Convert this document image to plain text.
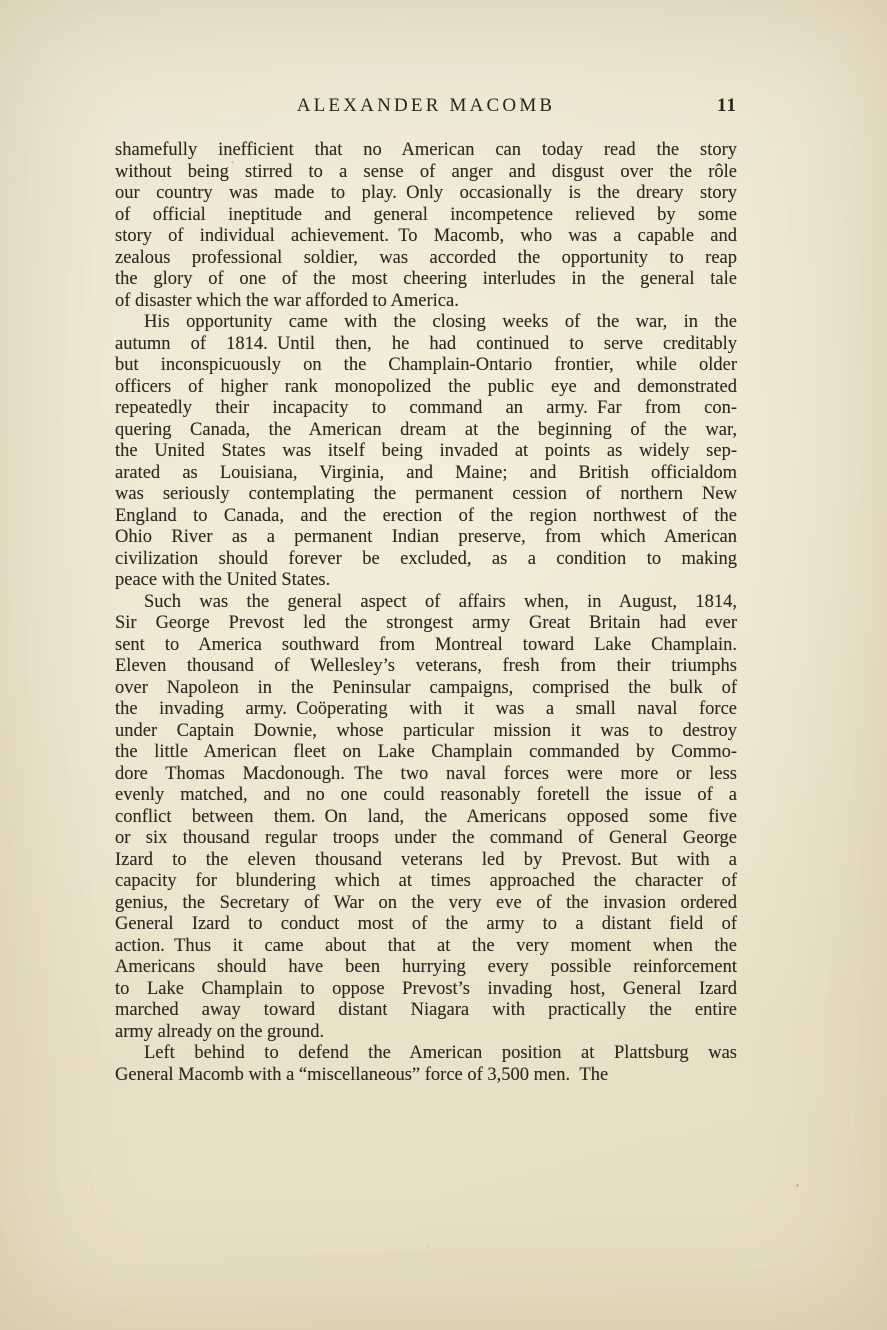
ALEXANDER MACOMB	11
shamefully inefficient that no American can today read the story
without being stirred to a sense of anger and disgust over the rôle
our country was made to play. Only occasionally is the dreary story
of official ineptitude and general incompetence relieved by some
story of individual achievement. To Macomb, who was a capable and
zealous professional soldier, was accorded the opportunity to reap
the glory of one of the most cheering interludes in the general tale
of disaster which the war afforded to America.
His opportunity came with the closing weeks of the war, in the
autumn of 1814. Until then, he had continued to serve creditably
but inconspicuously on the Champlain-Ontario frontier, while older
officers of higher rank monopolized the public eye and demonstrated
repeatedly their incapacity to command an army. Far from con-
quering Canada, the American dream at the beginning of the war,
the United States was itself being invaded at points as widely sep-
arated as Louisiana, Virginia, and Maine; and British officialdom
was seriously contemplating the permanent cession of northern New
England to Canada, and the erection of the region northwest of the
Ohio River as a permanent Indian preserve, from which American
civilization should forever be excluded, as a condition to making
peace with the United States.
Such was the general aspect of affairs when, in August, 1814,
Sir George Prevost led the strongest army Great Britain had ever
sent to America southward from Montreal toward Lake Champlain.
Eleven thousand of Wellesley’s veterans, fresh from their triumphs
over Napoleon in the Peninsular campaigns, comprised the bulk of
the invading army. Coöperating with it was a small naval force
under Captain Downie, whose particular mission it was to destroy
the little American fleet on Lake Champlain commanded by Commo-
dore Thomas Macdonough. The two naval forces were more or less
evenly matched, and no one could reasonably foretell the issue of a
conflict between them. On land, the Americans opposed some five
or six thousand regular troops under the command of General George
Izard to the eleven thousand veterans led by Prevost. But with a
capacity for blundering which at times approached the character of
genius, the Secretary of War on the very eve of the invasion ordered
General Izard to conduct most of the army to a distant field of
action. Thus it came about that at the very moment when the
Americans should have been hurrying every possible reinforcement
to Lake Champlain to oppose Prevost’s invading host, General Izard
marched away toward distant Niagara with practically the entire
army already on the ground.
Left behind to defend the American position at Plattsburg was
General Macomb with a “miscellaneous” force of 3,500 men. The
